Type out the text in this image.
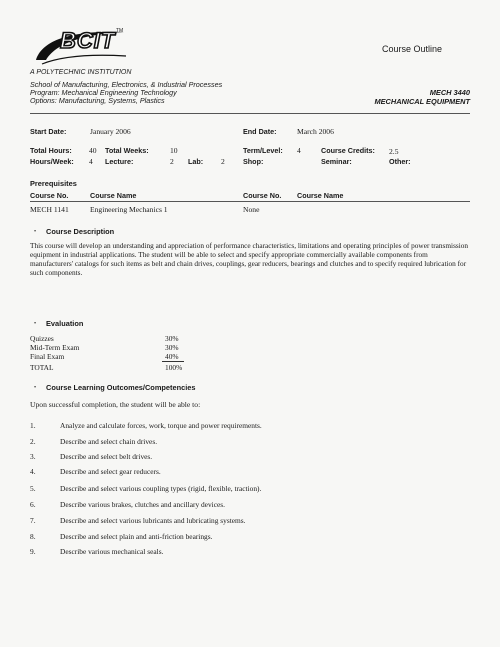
BCIT TM
Course Outline
A POLYTECHNIC INSTITUTION
School of Manufacturing, Electronics, & Industrial Processes
Program: Mechanical Engineering Technology
Options: Manufacturing, Systems, Plastics
MECH 3440
MECHANICAL EQUIPMENT
Start Date:	January 2006	End Date:	March 2006
Total Hours: 40 Total Weeks:	10	Term/Level: 4	Course Credits: 2.5
Hours/Week: 4 Lecture:	2 Lab: 2	Shop:	Seminar:	Other:
Prerequisites
Course No.	Course Name	Course No. Course Name
MECH 1141	Engineering Mechanics 1	None
• Course Description
This course will develop an understanding and appreciation of performance characteristics, limitations and operating principles of power transmission equipment in industrial applications. The student will be able to select and specify appropriate commercially available components from manufacturers' catalogs for such items as belt and chain drives, couplings, gear reducers, bearings and clutches and to specify required lubrication for such components.
• Evaluation
Quizzes	30%
Mid-Term Exam	30%
Final Exam	40%
TOTAL	100%
• Course Learning Outcomes/Competencies
Upon successful completion, the student will be able to:
1.	Analyze and calculate forces, work, torque and power requirements.
2.	Describe and select chain drives.
3.	Describe and select belt drives.
4.	Describe and select gear reducers.
5.	Describe and select various coupling types (rigid, flexible, traction).
6.	Describe various brakes, clutches and ancillary devices.
7.	Describe and select various lubricants and lubricating systems.
8.	Describe and select plain and anti-friction bearings.
9.	Describe various mechanical seals.
